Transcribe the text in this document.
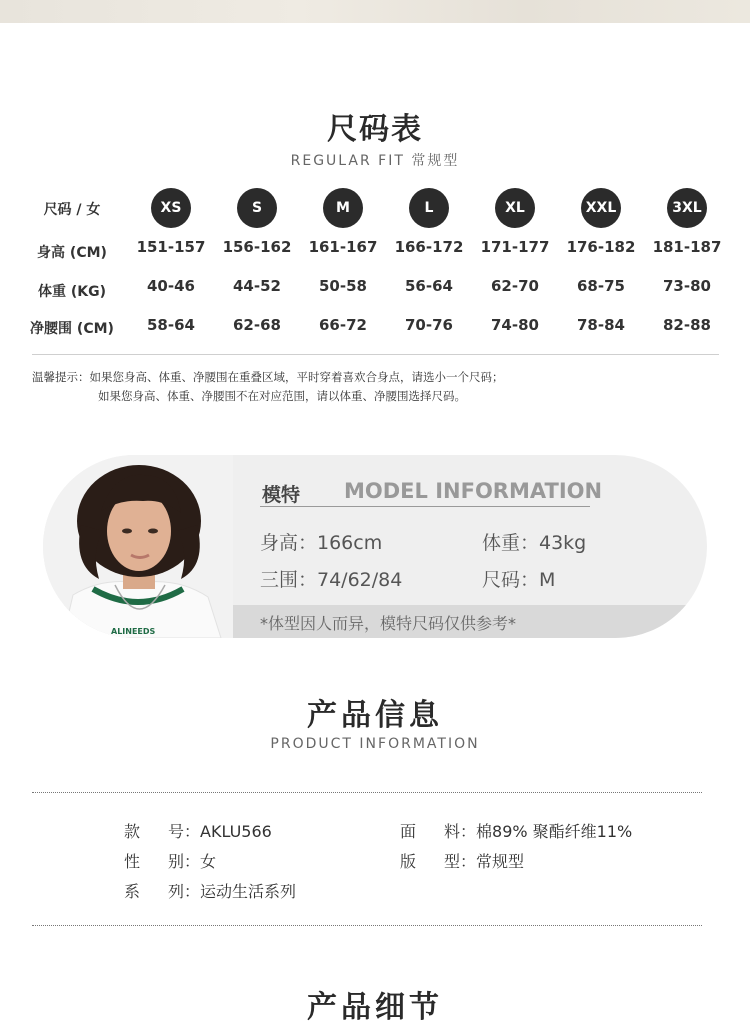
尺码表
REGULAR FIT 常规型
尺码 / 女	XS	S	M	L	XL	XXL	3XL
身高 (CM)	151-157	156-162	161-167	166-172	171-177	176-182	181-187
体重 (KG)	40-46	44-52	50-58	56-64	62-70	68-75	73-80
净腰围 (CM)	58-64	62-68	66-72	70-76	74-80	78-84	82-88
温馨提示：如果您身高、体重、净腰围在重叠区域，平时穿着喜欢合身点，请选小一个尺码；
如果您身高、体重、净腰围不在对应范围，请以体重、净腰围选择尺码。
ALINEEDS
模特 MODEL INFORMATION
身高：166cm	体重：43kg
三围：74/62/84	尺码：M
*体型因人而异，模特尺码仅供参考*
产品信息
PRODUCT INFORMATION
款 号：AKLU566	面 料：棉89% 聚酯纤维11%
性 别：女	版 型：常规型
系 列：运动生活系列
产品细节
